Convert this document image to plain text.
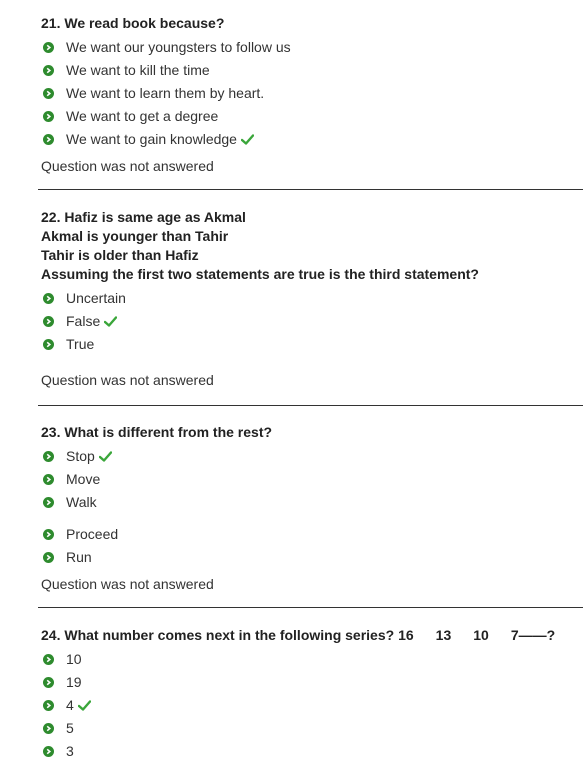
21. We read book because?
We want our youngsters to follow us
We want to kill the time
We want to learn them by heart.
We want to get a degree
We want to gain knowledge
Question was not answered
22. Hafiz is same age as Akmal
Akmal is younger than Tahir
Tahir is older than Hafiz
Assuming the first two statements are true is the third statement?
Uncertain
False
True
Question was not answered
23. What is different from the rest?
Stop
Move
Walk
Proceed
Run
Question was not answered
24. What number comes next in the following series? 16 13 10 7——?
10
19
4
5
3
